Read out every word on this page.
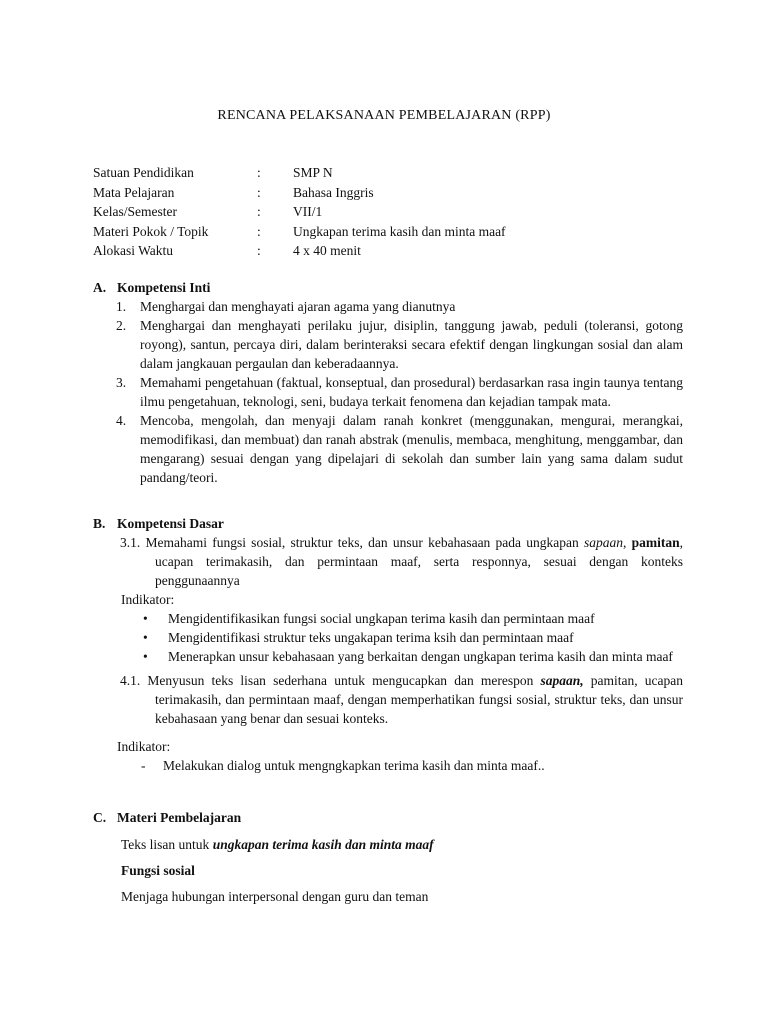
RENCANA PELAKSANAAN PEMBELAJARAN (RPP)
Satuan Pendidikan	: SMP N
Mata Pelajaran	: Bahasa Inggris
Kelas/Semester	: VII/1
Materi Pokok / Topik	: Ungkapan terima kasih dan minta maaf
Alokasi Waktu	: 4 x 40 menit
A. Kompetensi Inti
1. Menghargai dan menghayati ajaran agama yang dianutnya
2. Menghargai dan menghayati perilaku jujur, disiplin, tanggung jawab, peduli (toleransi, gotong royong), santun, percaya diri, dalam berinteraksi secara efektif dengan lingkungan sosial dan alam dalam jangkauan pergaulan dan keberadaannya.
3. Memahami pengetahuan (faktual, konseptual, dan prosedural) berdasarkan rasa ingin taunya tentang ilmu pengetahuan, teknologi, seni, budaya terkait fenomena dan kejadian tampak mata.
4. Mencoba, mengolah, dan menyaji dalam ranah konkret (menggunakan, mengurai, merangkai, memodifikasi, dan membuat) dan ranah abstrak (menulis, membaca, menghitung, menggambar, dan mengarang) sesuai dengan yang dipelajari di sekolah dan sumber lain yang sama dalam sudut pandang/teori.
B. Kompetensi Dasar
3.1. Memahami fungsi sosial, struktur teks, dan unsur kebahasaan pada ungkapan sapaan, pamitan, ucapan terimakasih, dan permintaan maaf, serta responnya, sesuai dengan konteks penggunaannya
Indikator:
• Mengidentifikasikan fungsi social ungkapan terima kasih dan permintaan maaf
• Mengidentifikasi struktur teks ungakapan terima ksih dan permintaan maaf
• Menerapkan unsur kebahasaan yang berkaitan dengan ungkapan terima kasih dan minta maaf
4.1. Menyusun teks lisan sederhana untuk mengucapkan dan merespon sapaan, pamitan, ucapan terimakasih, dan permintaan maaf, dengan memperhatikan fungsi sosial, struktur teks, dan unsur kebahasaan yang benar dan sesuai konteks.
Indikator:
- Melakukan dialog untuk mengngkapkan terima kasih dan minta maaf..
C. Materi Pembelajaran
Teks lisan untuk ungkapan terima kasih dan minta maaf
Fungsi sosial
Menjaga hubungan interpersonal dengan guru dan teman
